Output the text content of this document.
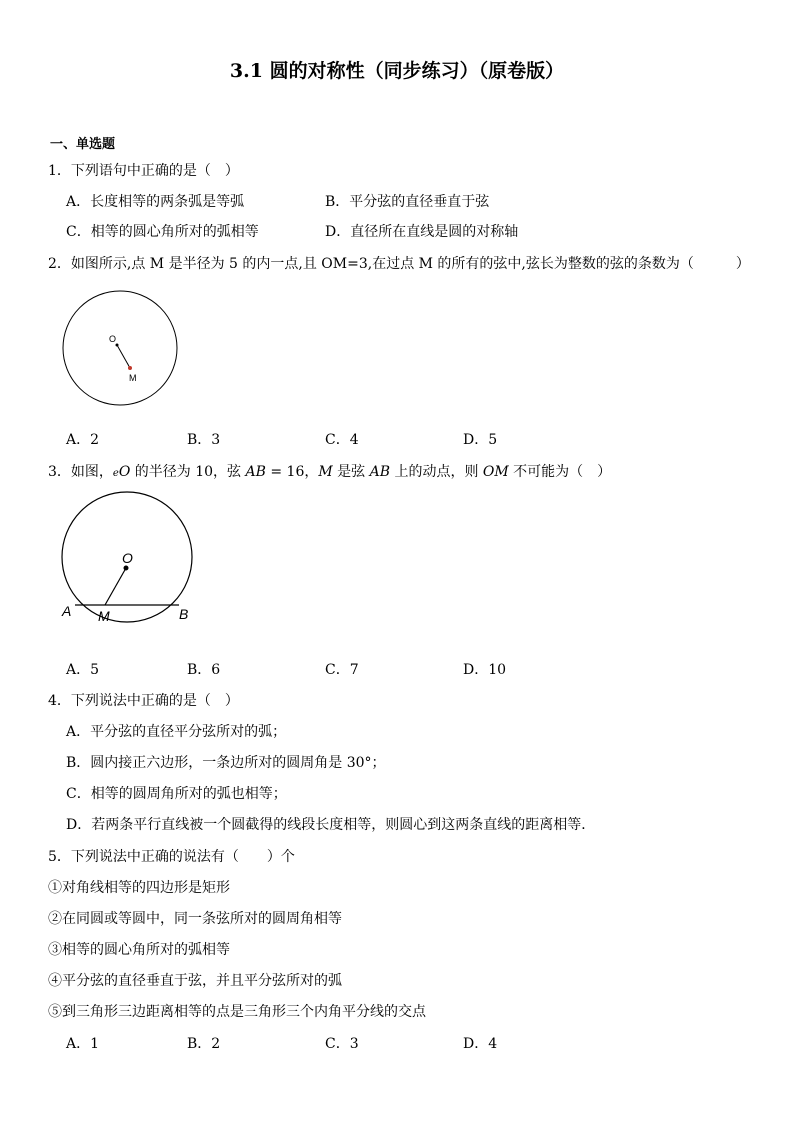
3.1 圆的对称性（同步练习）（原卷版）
一、单选题
1．下列语句中正确的是（　）
A．长度相等的两条弧是等弧	B．平分弦的直径垂直于弦
C．相等的圆心角所对的弧相等	D．直径所在直线是圆的对称轴
2．如图所示,点 M 是半径为 5 的内一点,且 OM=3,在过点 M 的所有的弦中,弦长为整数的弦的条数为（　　　）
O
M
A．2	B．3	C．4	D．5
3．如图，eO 的半径为 10，弦 AB = 16，M 是弦 AB 上的动点，则 OM 不可能为（　）
O
A	B
M
A．5	B．6	C．7	D．10
4．下列说法中正确的是（　）
A．平分弦的直径平分弦所对的弧；
B．圆内接正六边形，一条边所对的圆周角是 30°；
C．相等的圆周角所对的弧也相等；
D．若两条平行直线被一个圆截得的线段长度相等，则圆心到这两条直线的距离相等．
5．下列说法中正确的说法有（　　）个
①对角线相等的四边形是矩形
②在同圆或等圆中，同一条弦所对的圆周角相等
③相等的圆心角所对的弧相等
④平分弦的直径垂直于弦，并且平分弦所对的弧
⑤到三角形三边距离相等的点是三角形三个内角平分线的交点
A．1	B．2	C．3	D．4
